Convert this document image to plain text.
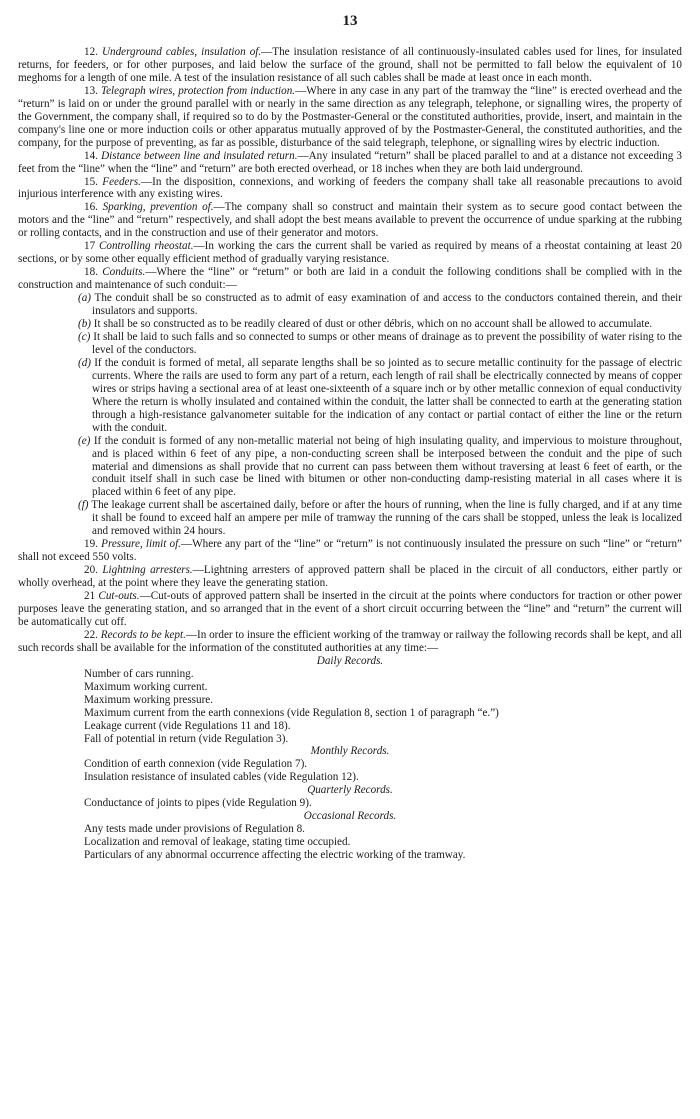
13

12. Underground cables, insulation of.—The insulation resistance of all continuously-insulated cables used for lines, for insulated returns, for feeders, or for other purposes, and laid below the surface of the ground, shall not be permitted to fall below the equivalent of 10 meghoms for a length of one mile. A test of the insulation resistance of all such cables shall be made at least once in each month.

13. Telegraph wires, protection from induction.—Where in any case in any part of the tramway the “line” is erected overhead and the “return” is laid on or under the ground parallel with or nearly in the same direction as any telegraph, telephone, or signalling wires, the property of the Government, the company shall, if required so to do by the Postmaster-General or the constituted authorities, provide, insert, and maintain in the company's line one or more induction coils or other apparatus mutually approved of by the Postmaster-General, the constituted authorities, and the company, for the purpose of preventing, as far as possible, disturbance of the said telegraph, telephone, or signalling wires by electric induction.

14. Distance between line and insulated return.—Any insulated “return” shall be placed parallel to and at a distance not exceeding 3 feet from the “line” when the “line” and “return” are both erected overhead, or 18 inches when they are both laid underground.

15. Feeders.—In the disposition, connexions, and working of feeders the company shall take all reasonable precautions to avoid injurious interference with any existing wires.

16. Sparking, prevention of.—The company shall so construct and maintain their system as to secure good contact between the motors and the “line” and “return” respectively, and shall adopt the best means available to prevent the occurrence of undue sparking at the rubbing or rolling contacts, and in the construction and use of their generator and motors.

17 Controlling rheostat.—In working the cars the current shall be varied as required by means of a rheostat containing at least 20 sections, or by some other equally efficient method of gradually varying resistance.

18. Conduits.—Where the “line” or “return” or both are laid in a conduit the following conditions shall be complied with in the construction and maintenance of such conduit:—

(a) The conduit shall be so constructed as to admit of easy examination of and access to the conductors contained therein, and their insulators and supports.

(b) It shall be so constructed as to be readily cleared of dust or other débris, which on no account shall be allowed to accumulate.

(c) It shall be laid to such falls and so connected to sumps or other means of drainage as to prevent the possibility of water rising to the level of the conductors.

(d) If the conduit is formed of metal, all separate lengths shall be so jointed as to secure metallic continuity for the passage of electric currents. Where the rails are used to form any part of a return, each length of rail shall be electrically connected by means of copper wires or strips having a sectional area of at least one-sixteenth of a square inch or by other metallic connexion of equal conductivity Where the return is wholly insulated and contained within the conduit, the latter shall be connected to earth at the generating station through a high-resistance galvanometer suitable for the indication of any contact or partial contact of either the line or the return with the conduit.

(e) If the conduit is formed of any non-metallic material not being of high insulating quality, and impervious to moisture throughout, and is placed within 6 feet of any pipe, a non-conducting screen shall be interposed between the conduit and the pipe of such material and dimensions as shall provide that no current can pass between them without traversing at least 6 feet of earth, or the conduit itself shall in such case be lined with bitumen or other non-conducting damp-resisting material in all cases where it is placed within 6 feet of any pipe.

(f) The leakage current shall be ascertained daily, before or after the hours of running, when the line is fully charged, and if at any time it shall be found to exceed half an ampere per mile of tramway the running of the cars shall be stopped, unless the leak is localized and removed within 24 hours.

19. Pressure, limit of.—Where any part of the “line” or “return” is not continuously insulated the pressure on such “line” or “return” shall not exceed 550 volts.

20. Lightning arresters.—Lightning arresters of approved pattern shall be placed in the circuit of all conductors, either partly or wholly overhead, at the point where they leave the generating station.

21 Cut-outs.—Cut-outs of approved pattern shall be inserted in the circuit at the points where conductors for traction or other power purposes leave the generating station, and so arranged that in the event of a short circuit occurring between the “line” and “return” the current will be automatically cut off.

22. Records to be kept.—In order to insure the efficient working of the tramway or railway the following records shall be kept, and all such records shall be available for the information of the constituted authorities at any time:—

Daily Records.

Number of cars running.

Maximum working current.

Maximum working pressure.

Maximum current from the earth connexions (vide Regulation 8, section 1 of paragraph “e.”)

Leakage current (vide Regulations 11 and 18).

Fall of potential in return (vide Regulation 3).

Monthly Records.

Condition of earth connexion (vide Regulation 7).

Insulation resistance of insulated cables (vide Regulation 12).

Quarterly Records.

Conductance of joints to pipes (vide Regulation 9).

Occasional Records.

Any tests made under provisions of Regulation 8.

Localization and removal of leakage, stating time occupied.

Particulars of any abnormal occurrence affecting the electric working of the tramway.
